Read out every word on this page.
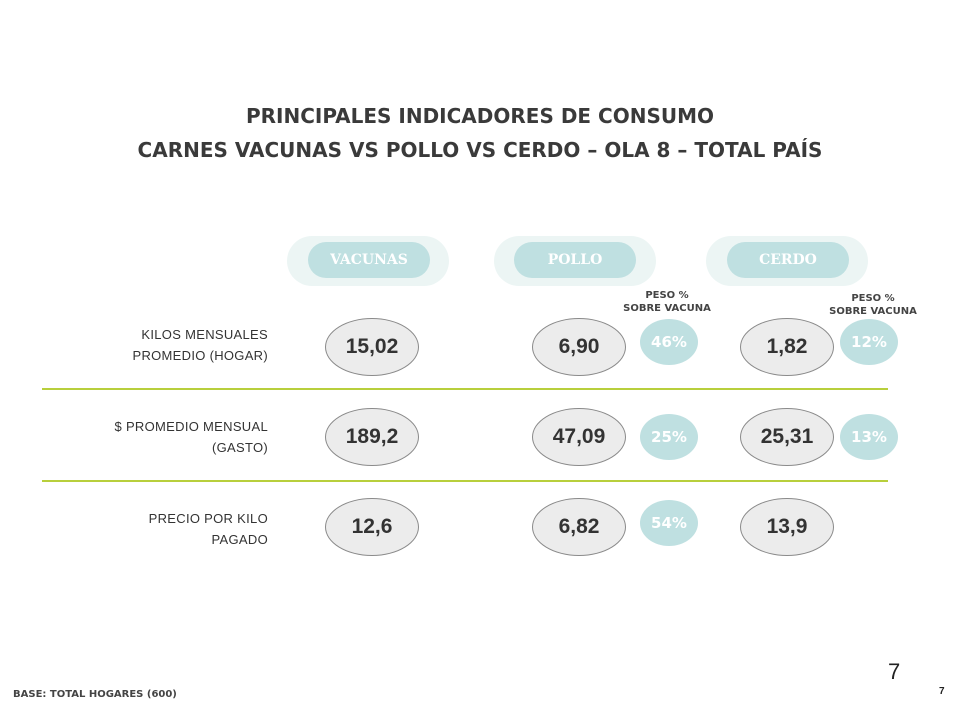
PRINCIPALES INDICADORES DE CONSUMO
CARNES VACUNAS VS POLLO VS CERDO – OLA 8 – TOTAL PAÍS
VACUNAS	POLLO	CERDO
PESO %
SOBRE VACUNA
PESO %
SOBRE VACUNA
KILOS MENSUALES
PROMEDIO (HOGAR)	15,02	6,90	46%	1,82	12%
$ PROMEDIO MENSUAL
(GASTO)	189,2	47,09	25%	25,31	13%
PRECIO POR KILO
PAGADO
12,6	6,82	54%	13,9
BASE: TOTAL HOGARES (600)
7
7
